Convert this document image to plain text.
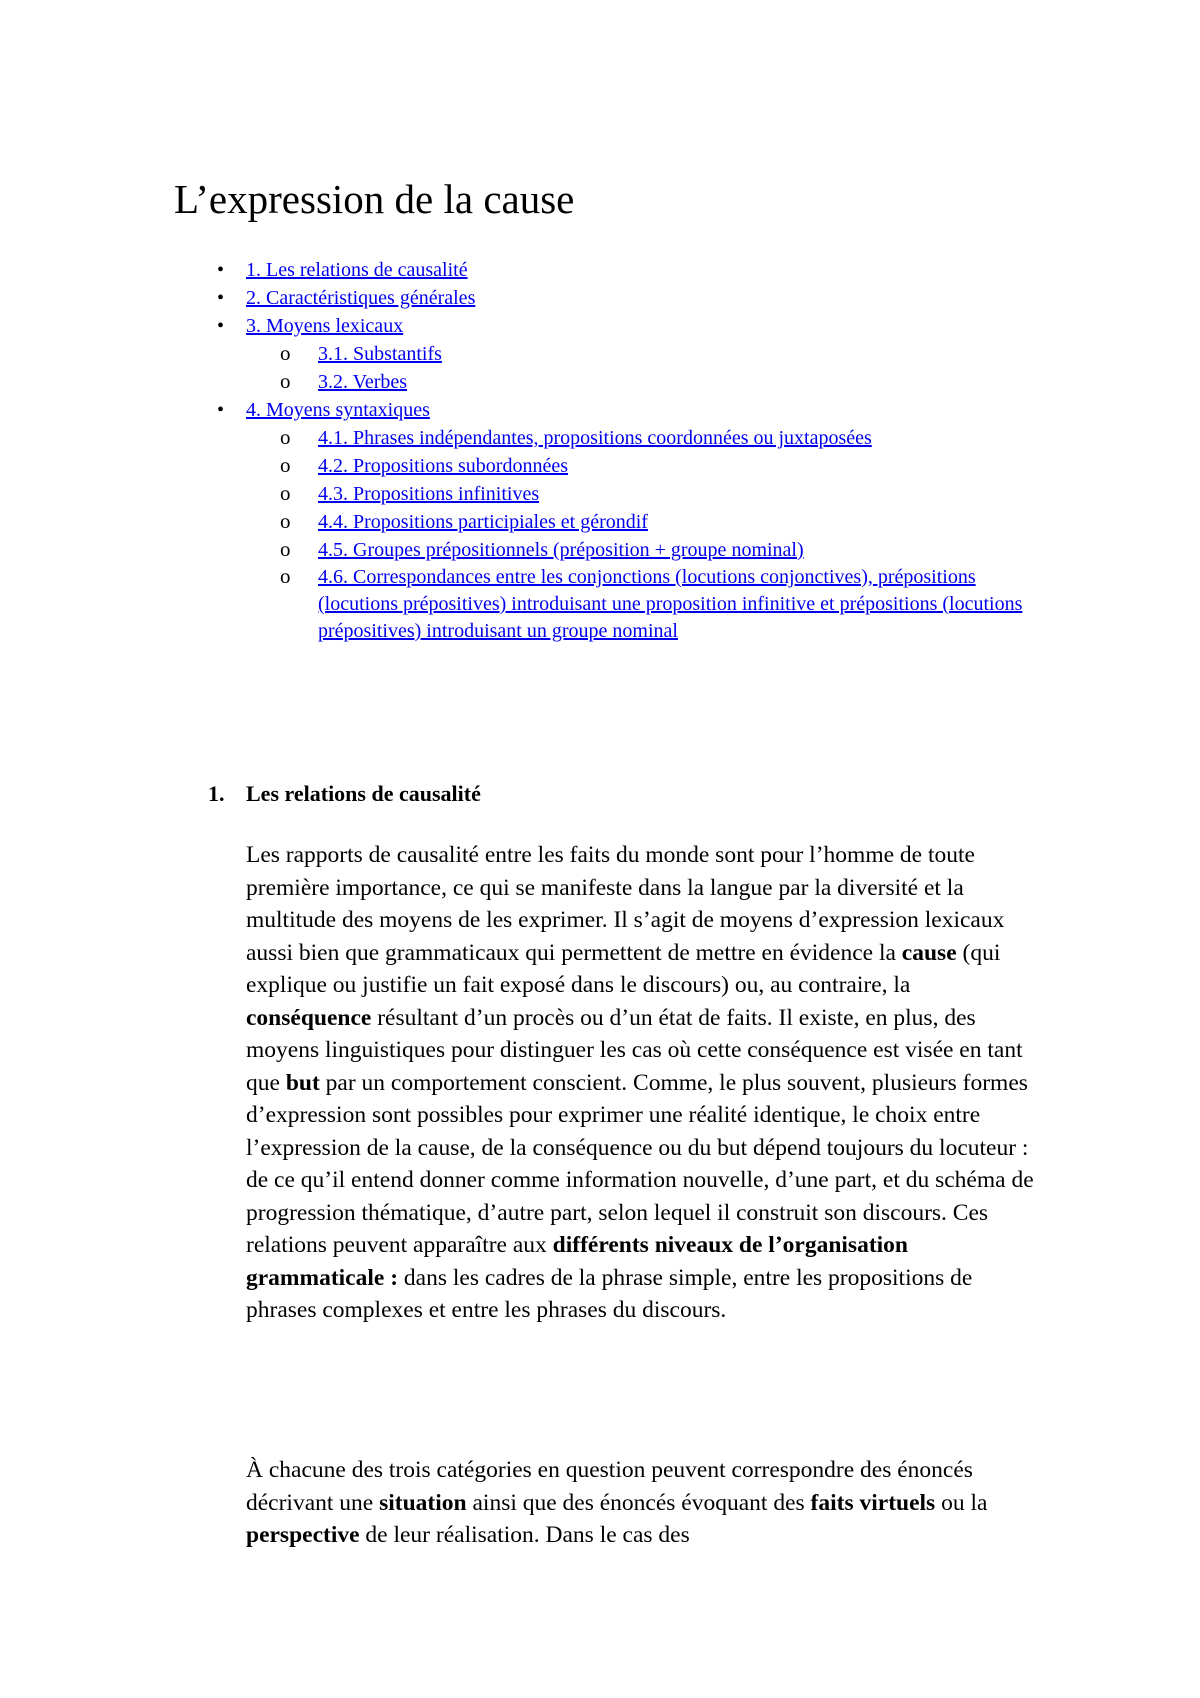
L’expression de la cause
• 1. Les relations de causalité
• 2. Caractéristiques générales
• 3. Moyens lexicaux
o 3.1. Substantifs
o 3.2. Verbes
• 4. Moyens syntaxiques
o 4.1. Phrases indépendantes, propositions coordonnées ou juxtaposées
o 4.2. Propositions subordonnées
o 4.3. Propositions infinitives
o 4.4. Propositions participiales et gérondif
o 4.5. Groupes prépositionnels (préposition + groupe nominal)
o 4.6. Correspondances entre les conjonctions (locutions conjonctives), prépositions (locutions prépositives) introduisant une proposition infinitive et prépositions (locutions prépositives) introduisant un groupe nominal
1. Les relations de causalité

Les rapports de causalité entre les faits du monde sont pour l’homme de toute première importance, ce qui se manifeste dans la langue par la diversité et la multitude des moyens de les exprimer. Il s’agit de moyens d’expression lexicaux aussi bien que grammaticaux qui permettent de mettre en évidence la cause (qui explique ou justifie un fait exposé dans le discours) ou, au contraire, la conséquence résultant d’un procès ou d’un état de faits. Il existe, en plus, des moyens linguistiques pour distinguer les cas où cette conséquence est visée en tant que but par un comportement conscient. Comme, le plus souvent, plusieurs formes d’expression sont possibles pour exprimer une réalité identique, le choix entre l’expression de la cause, de la conséquence ou du but dépend toujours du locuteur : de ce qu’il entend donner comme information nouvelle, d’une part, et du schéma de progression thématique, d’autre part, selon lequel il construit son discours. Ces relations peuvent apparaître aux différents niveaux de l’organisation grammaticale : dans les cadres de la phrase simple, entre les propositions de phrases complexes et entre les phrases du discours.

À chacune des trois catégories en question peuvent correspondre des énoncés décrivant une situation ainsi que des énoncés évoquant des faits virtuels ou la perspective de leur réalisation. Dans le cas des
